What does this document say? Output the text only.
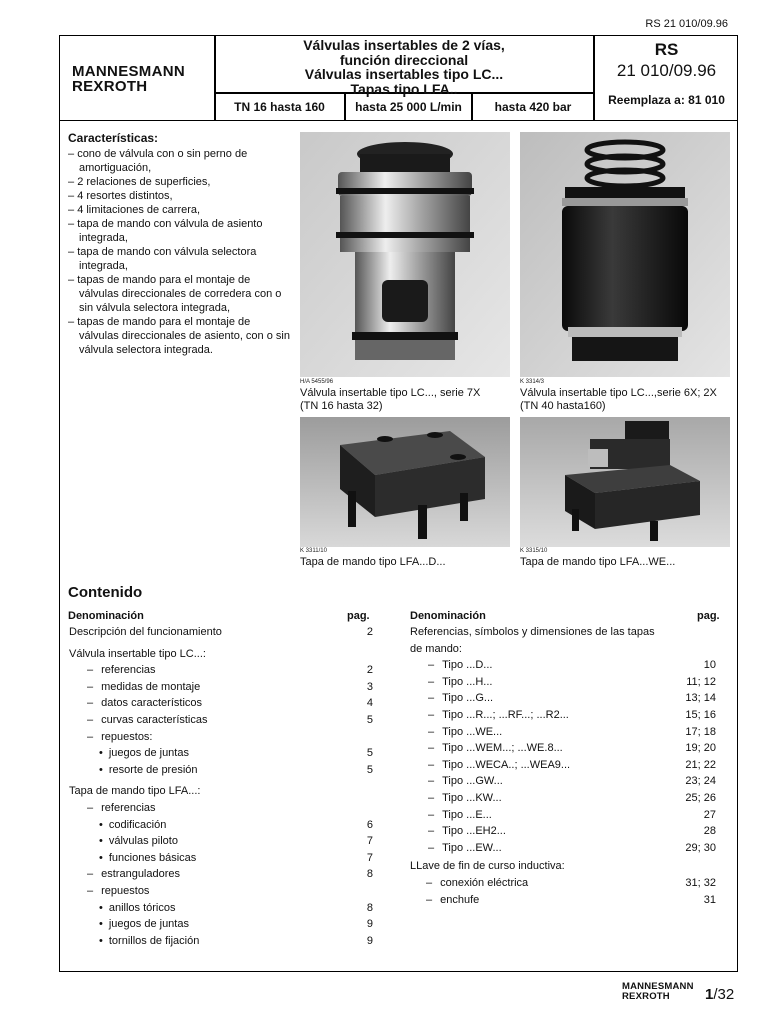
RS 21 010/09.96
MANNESMANN
REXROTH
Válvulas insertables de 2 vías,
función direccional
Válvulas insertables tipo LC...
Tapas tipo LFA..
TN 16 hasta 160	hasta 25 000 L/min	hasta 420 bar
RS
21 010/09.96
Reemplaza a: 81 010
Características:
– cono de válvula con o sin perno de amortiguación,
– 2 relaciones de superficies,
– 4 resortes distintos,
– 4 limitaciones de carrera,
– tapa de mando con válvula de asiento integrada,
– tapa de mando con válvula selectora integrada,
– tapas de mando para el montaje de válvulas direccionales de corredera con o sin válvula selectora integrada,
– tapas de mando para el montaje de válvulas direccionales de asiento, con o sin válvula selectora integrada.
H/A 5455/96
Válvula insertable tipo LC..., serie 7X
(TN 16 hasta 32)
K 3314/3
Válvula insertable tipo LC...,serie 6X; 2X
(TN 40 hasta160)
K 3311/10
Tapa de mando tipo LFA...D...
K 3315/10
Tapa de mando tipo LFA...WE...
Contenido
Denominación	pag.	Denominación	pag.
Descripción del funcionamiento	2
Válvula insertable tipo LC...:
– referencias	2
– medidas de montaje	3
– datos característicos	4
– curvas características	5
– repuestos:
• juegos de juntas	5
• resorte de presión	5
Tapa de mando tipo LFA...:
– referencias
• codificación	6
• válvulas piloto	7
• funciones básicas	7
– estranguladores	8
– repuestos
• anillos tóricos	8
• juegos de juntas	9
• tornillos de fijación	9
Referencias, símbolos y dimensiones de las tapas
de mando:
– Tipo ...D...	10
– Tipo ...H...	11; 12
– Tipo ...G...	13; 14
– Tipo ...R...; ...RF...; ...R2...	15; 16
– Tipo ...WE...	17; 18
– Tipo ...WEM...; ...WE.8...	19; 20
– Tipo ...WECA..; ...WEA9...	21; 22
– Tipo ...GW...	23; 24
– Tipo ...KW...	25; 26
– Tipo ...E...	27
– Tipo ...EH2...	28
– Tipo ...EW...	29; 30
LLave de fin de curso inductiva:
– conexión eléctrica	31; 32
– enchufe	31
MANNESMANN
REXROTH	1/32
